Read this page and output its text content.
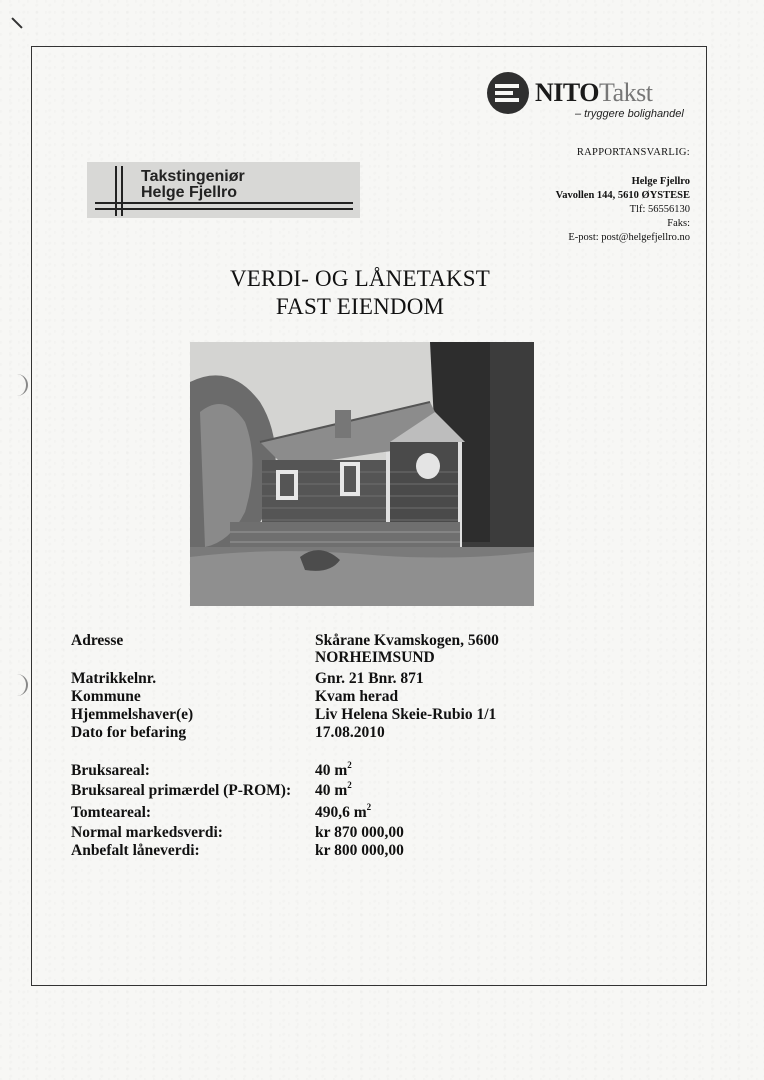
NITOTakst
– tryggere bolighandel
RAPPORTANSVARLIG:
Helge Fjellro
Vavollen 144, 5610 ØYSTESE
Tlf: 56556130
Faks:
E-post: post@helgefjellro.no
Takstingeniør
Helge Fjellro
VERDI- OG LÅNETAKST
FAST EIENDOM
Adresse	Skårane Kvamskogen, 5600
NORHEIMSUND
Matrikkelnr.	Gnr. 21 Bnr. 871
Kommune	Kvam herad
Hjemmelshaver(e)	Liv Helena Skeie-Rubio 1/1
Dato for befaring	17.08.2010
Bruksareal:	40 $m^2$
Bruksareal primærdel (P-ROM): 40 $m^2$
Tomteareal:	490,6 $m^2$
Normal markedsverdi:	kr 870 000,00
Anbefalt låneverdi:	kr 800 000,00
